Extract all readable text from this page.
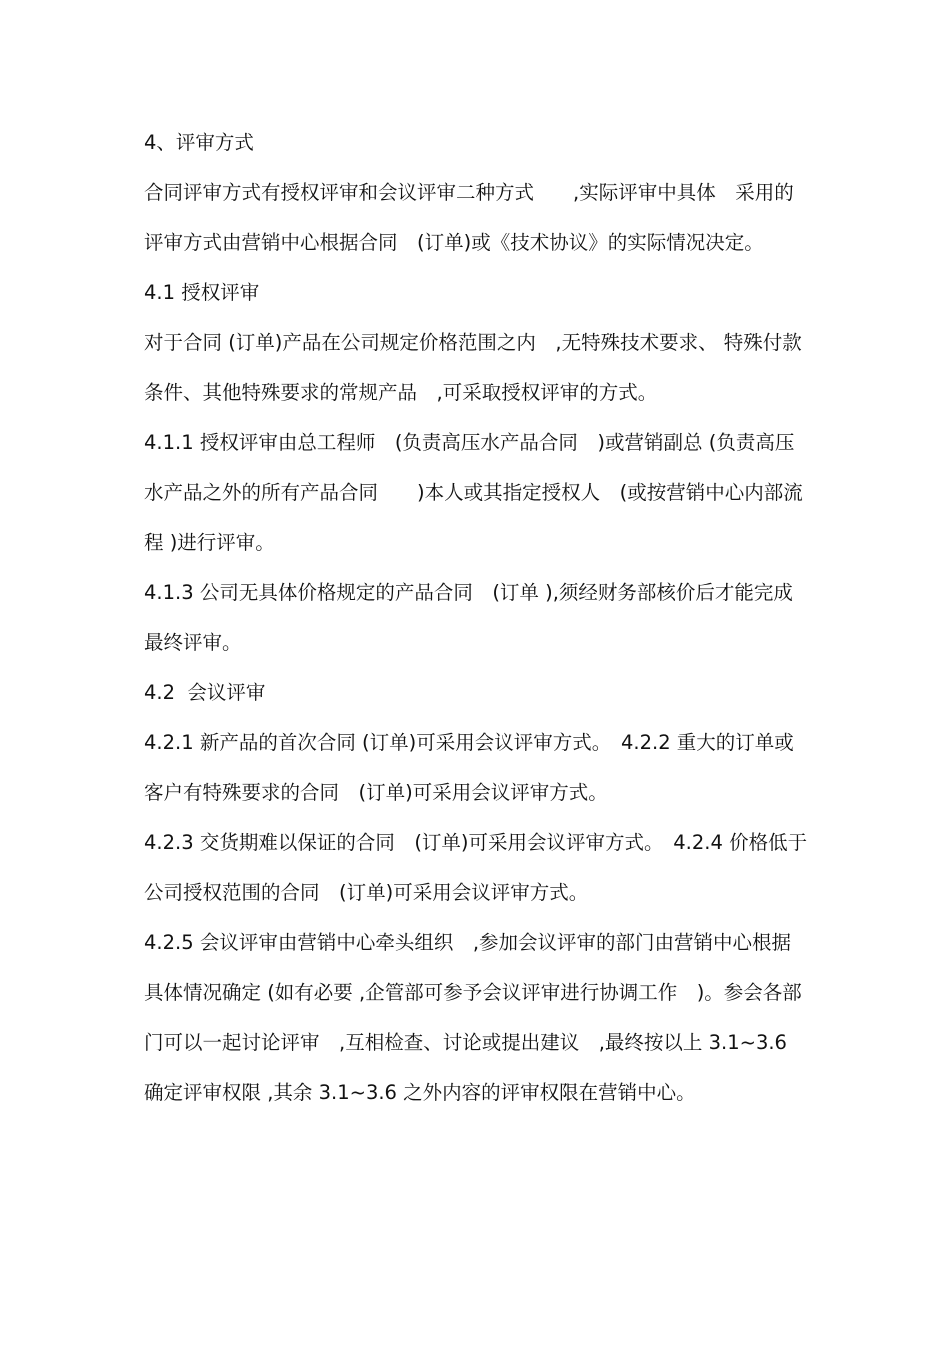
4、评审方式

合同评审方式有授权评审和会议评审二种方式　　,实际评审中具体　采用的评审方式由营销中心根据合同　(订单)或《技术协议》的实际情况决定。

4.1 授权评审

对于合同 (订单)产品在公司规定价格范围之内　,无特殊技术要求、 特殊付款条件、其他特殊要求的常规产品　,可采取授权评审的方式。

4.1.1 授权评审由总工程师　(负责高压水产品合同　)或营销副总 (负责高压水产品之外的所有产品合同　　)本人或其指定授权人　(或按营销中心内部流程 )进行评审。

4.1.3 公司无具体价格规定的产品合同　(订单 ),须经财务部核价后才能完成最终评审。

4.2  会议评审

4.2.1 新产品的首次合同 (订单)可采用会议评审方式。　4.2.2 重大的订单或客户有特殊要求的合同　(订单)可采用会议评审方式。

4.2.3 交货期难以保证的合同　(订单)可采用会议评审方式。　4.2.4 价格低于公司授权范围的合同　(订单)可采用会议评审方式。

4.2.5 会议评审由营销中心牵头组织　,参加会议评审的部门由营销中心根据具体情况确定 (如有必要 ,企管部可参予会议评审进行协调工作　)。参会各部门可以一起讨论评审　,互相检查、讨论或提出建议　,最终按以上 3.1~3.6 确定评审权限 ,其余 3.1~3.6 之外内容的评审权限在营销中心。
